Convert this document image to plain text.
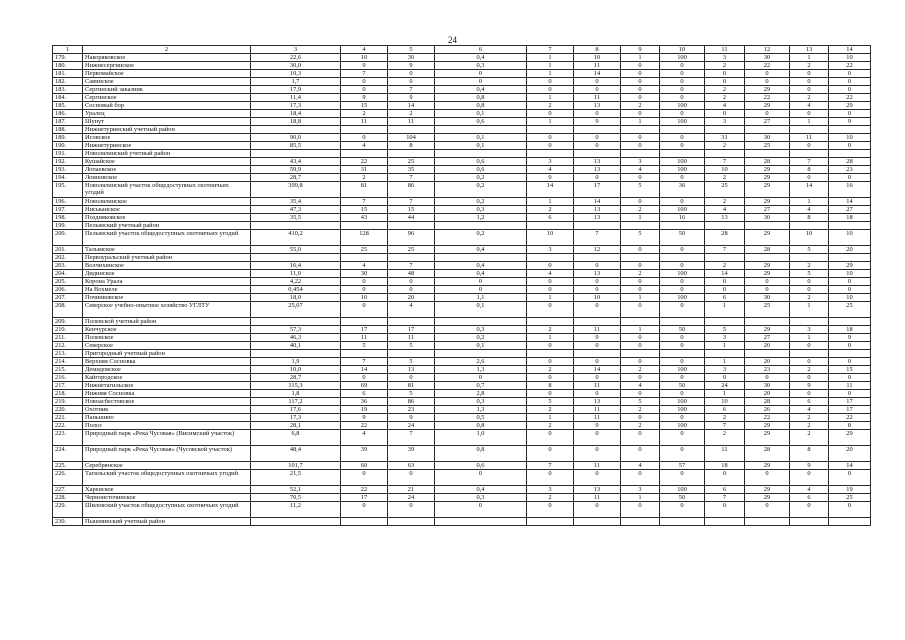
24
1	2	3	4	5	6	7	8	9	10	11	12	13	14
179.	Накоряковское	22,6	10	30	0,4	1	10	1	100	3	30	1	10
180.	Нижнесергинское	30,0	9	9	0,3	1	11	0	0	2	22	2	22
181.	Первомайское	10,3	7	0	0	1	14	0	0	0	0	0	0
182.	Савинское	1,7	0	0	0	0	0	0	0	0	0	0	0
183.	Сергинский заказник	17,9	0	7	0,4	0	0	0	0	2	29	0	0
184.	Сергинское	11,4	9	9	0,8	1	11	0	0	2	22	2	22
185.	Сосновый бор	17,3	15	14	0,8	2	13	2	100	4	29	4	29
186.	Уралец	18,4	2	2	0,1	0	0	0	0	0	0	0	0
187.	Шунут	18,8	11	11	0,6	1	9	1	100	3	27	1	9
188.	Нижнетуринский учетный район												
189.	Исовское	90,0	0	104	0,1	0	0	0	0	31	30	11	10
190.	Нижнетуринское	85,5	4	8	0,1	0	0	0	0	2	25	0	0
191.	Новолялинский учетный район												
192.	Кушайское	43,4	22	25	0,6	3	13	3	100	7	28	7	28
193.	Лопаевское	59,9	31	35	0,6	4	13	4	100	10	29	8	23
194.	Лоиновское	28,7	2	7	0,2	0	0	0	0	2	29	0	0
195.	Новолялинский участок общедоступных охотничьих угодий	399,8	81	86	0,2	14	17	5	36	25	29	14	16
196.	Новолялинское	35,4	7	7	0,2	1	14	0	0	2	29	1	14
197.	Ниськанское	47,3	15	15	0,3	2	13	2	100	4	27	4	27
198.	Поздняковское	35,5	43	44	1,2	6	13	1	16	13	30	8	18
199.	Пелымский учетный район												
200.	Пелымский участок общедоступных охотничьих угодий	410,2	128	96	0,2	10	7	5	50	28	29	10	10
201.	Талымское	55,0	25	25	0,4	3	12	0	0	7	28	5	20
202.	Первоуральский учетный район												
203.	Волчихинское	16,4	4	7	0,4	0	0	0	0	2	29	2	29
204.	Дидинское	11,0	30	48	0,4	4	13	2	100	14	29	5	10
205.	Корона Урала	4,22	0	0	0	0	0	0	0	0	0	0	0
206.	На Вохмеле	0,454	0	0	0	0	0	0	0	0	0	0	0
207.	Починковское	18,0	10	20	1,1	1	10	1	100	6	30	2	10
208.	Северское учебно-опытное хозяйство УГЛТУ	25,07	0	4	0,1	0	0	0	0	1	25	1	25
209.	Полевской учетный район												
210.	Кенчурское	57,3	17	17	0,3	2	11	1	50	5	29	3	18
211.	Полевское	46,3	11	11	0,2	1	9	0	0	3	27	1	9
212.	Северское	40,1	5	5	0,1	0	0	0	0	1	20	0	0
213.	Пригородный учетный район												
214.	Верхняя Сосновка	1,9	7	5	2,6	0	0	0	0	1	20	0	0
215.	Демидовское	10,0	14	13	1,3	2	14	2	100	3	23	2	15
216.	Кайгородское	28,7	0	0	0	0	0	0	0	0	0	0	0
217.	Нижнетагильское	115,3	69	81	0,7	8	11	4	50	24	30	9	11
218.	Нижняя Сосновка	1,8	6	5	2,8	0	0	0	0	1	20	0	0
219.	Новоасбестовское	117,2	36	86	0,3	5	13	5	100	10	28	6	17
220.	Охотник	17,6	19	23	1,3	2	11	2	100	6	26	4	17
221.	Паньшино	17,3	9	9	0,5	1	11	0	0	2	22	2	22
222.	Полоз	28,1	22	24	0,8	2	9	2	100	7	29	2	8
223.	Природный парк «Река Чусовая» (Висимский участок)	6,8	4	7	1,0	0	0	0	0	2	29	2	29
224.	Природный парк «Река Чусовая» (Чусовской участок)	48,4	39	39	0,8	0	0	0	0	11	28	8	20
225.	Серебрянское	101,7	60	63	0,6	7	11	4	57	18	29	9	14
226.	Тагильский участок общедоступных охотничьих угодий	21,5	0	0	0	0	0	0	0	0	0	0	0
227.	Харенское	52,1	22	21	0,4	3	13	3	100	6	29	4	19
228.	Черноисточинское	70,5	17	24	0,3	2	11	1	50	7	29	6	25
229.	Шиловский участок общедоступных охотничьих угодий	11,2	0	0	0	0	0	0	0	0	0	0	0
230.	Пышминский учетный район												
